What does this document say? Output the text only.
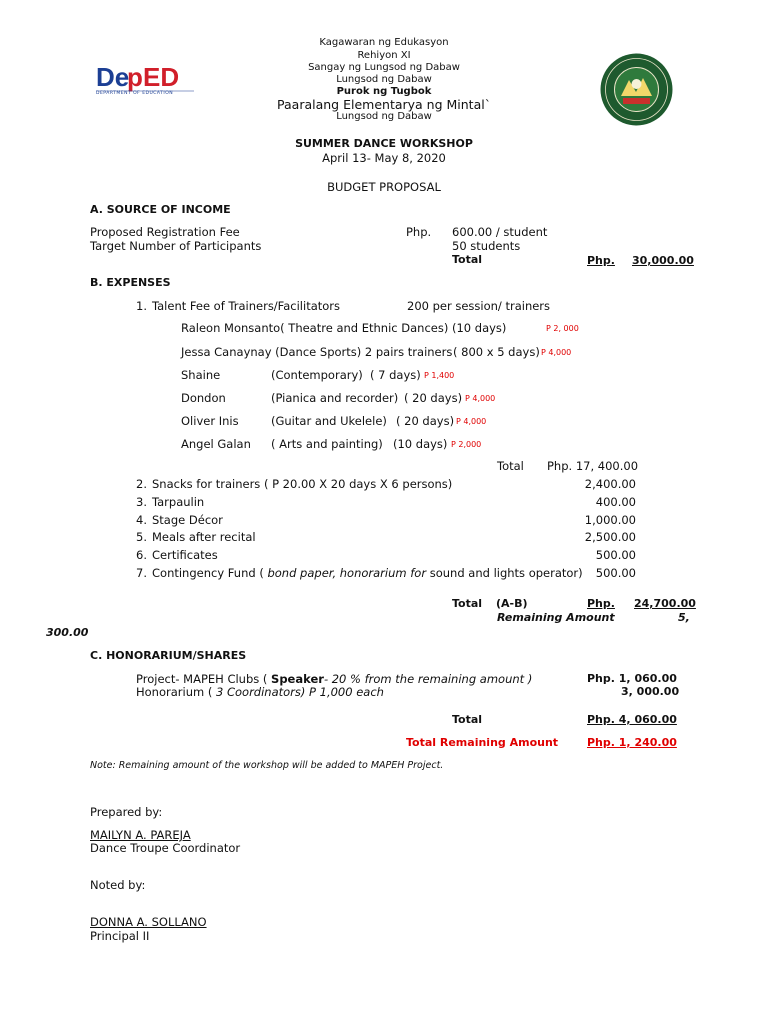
De
p ED
DEPARTMENT OF EDUCATION
Kagawaran ng Edukasyon
Rehiyon XI
Sangay ng Lungsod ng Dabaw
Lungsod ng Dabaw
Purok ng Tugbok
Paaralang Elementarya ng Mintal`
Lungsod ng Dabaw
SUMMER DANCE WORKSHOP
April 13- May 8, 2020
BUDGET PROPOSAL
A. SOURCE OF INCOME
Proposed Registration Fee	Php. 600.00 / student
Target Number of Participants	50 students
Total	Php. 30,000.00
B. EXPENSES
1. Talent Fee of Trainers/Facilitators	200 per session/ trainers
Raleon Monsanto( Theatre and Ethnic Dances) (10 days)	P 2, 000
Jessa Canaynay (Dance Sports) 2 pairs trainers ( 800 x 5 days) P 4,000
Shaine	(Contemporary) ( 7 days) P 1,400
Dondon	(Pianica and recorder) ( 20 days) P 4,000
Oliver Inis	(Guitar and Ukelele) ( 20 days) P 4,000
Angel Galan ( Arts and painting) (10 days) P 2,000
Total Php. 17, 400.00
2. Snacks for trainers ( P 20.00 X 20 days X 6 persons)	2,400.00
3. Tarpaulin	400.00
4. Stage Décor	1,000.00
5. Meals after recital	2,500.00
6. Certificates	500.00
7. Contingency Fund ( bond paper, honorarium for sound and lights operator)	500.00
Total (A-B)	Php. 24,700.00
Remaining Amount	5,
300.00
C. HONORARIUM/SHARES
Project- MAPEH Clubs ( Speaker- 20 % from the remaining amount )	Php. 1, 060.00
Honorarium ( 3 Coordinators) P 1,000 each	3, 000.00
Total	Php. 4, 060.00
Total Remaining Amount	Php. 1, 240.00
Note: Remaining amount of the workshop will be added to MAPEH Project.
Prepared by:
MAILYN A. PAREJA
Dance Troupe Coordinator
Noted by:
DONNA A. SOLLANO
Principal II
